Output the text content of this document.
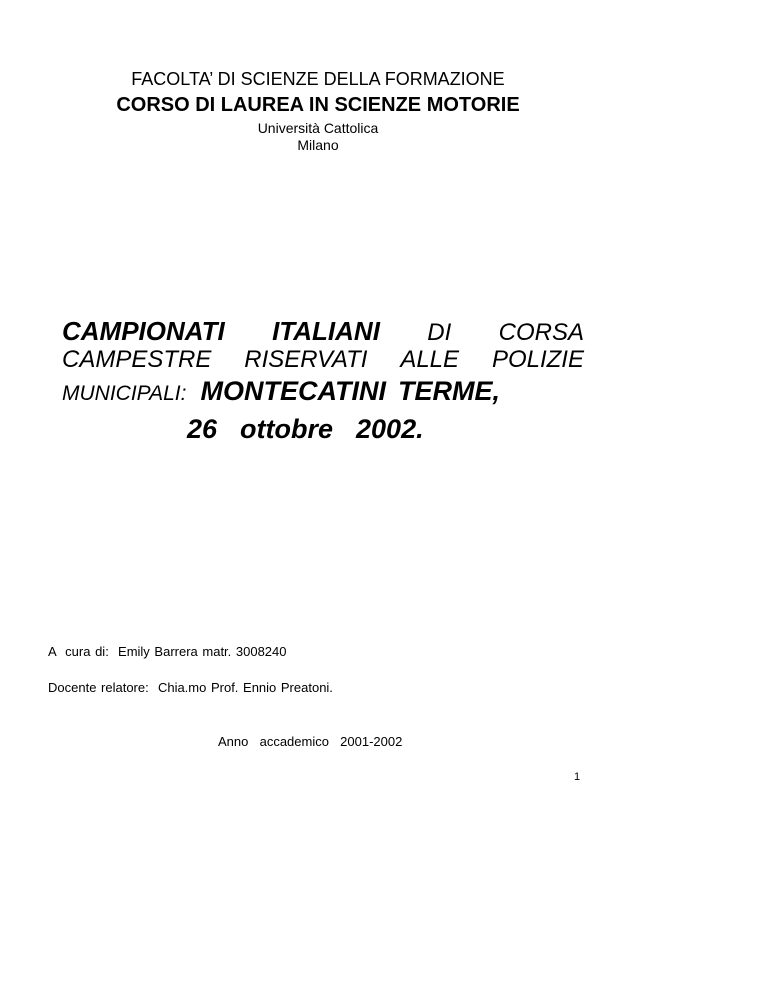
FACOLTA’ DI SCIENZE DELLA FORMAZIONE
CORSO DI LAUREA IN SCIENZE MOTORIE
Università Cattolica
Milano
CAMPIONATI ITALIANI DI CORSA
CAMPESTRE RISERVATI ALLE POLIZIE
MUNICIPALI: MONTECATINI TERME,
26  ottobre  2002.
A  cura di:  Emily Barrera matr. 3008240
Docente relatore:  Chia.mo Prof. Ennio Preatoni.
Anno  accademico  2001-2002
1
